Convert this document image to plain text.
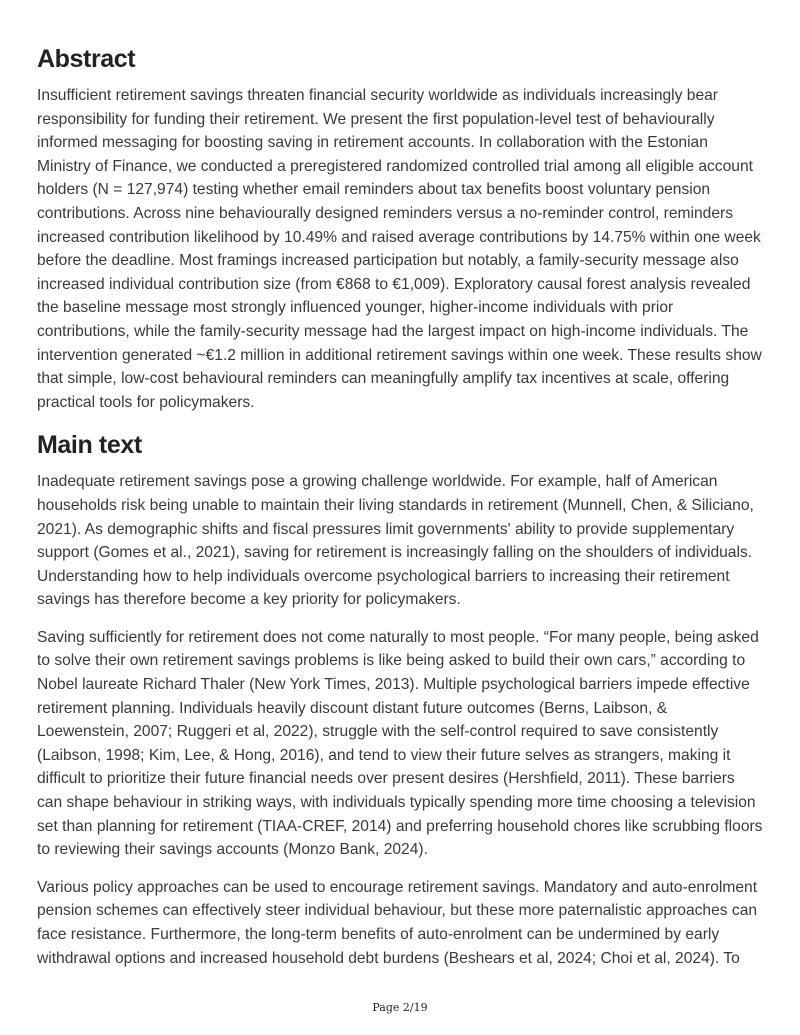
Abstract

Insufficient retirement savings threaten financial security worldwide as individuals increasingly bear responsibility for funding their retirement. We present the first population-level test of behaviourally informed messaging for boosting saving in retirement accounts. In collaboration with the Estonian Ministry of Finance, we conducted a preregistered randomized controlled trial among all eligible account holders (N = 127,974) testing whether email reminders about tax benefits boost voluntary pension contributions. Across nine behaviourally designed reminders versus a no-reminder control, reminders increased contribution likelihood by 10.49% and raised average contributions by 14.75% within one week before the deadline. Most framings increased participation but notably, a family-security message also increased individual contribution size (from €868 to €1,009). Exploratory causal forest analysis revealed the baseline message most strongly influenced younger, higher-income individuals with prior contributions, while the family-security message had the largest impact on high-income individuals. The intervention generated ~€1.2 million in additional retirement savings within one week. These results show that simple, low-cost behavioural reminders can meaningfully amplify tax incentives at scale, offering practical tools for policymakers.

Main text

Inadequate retirement savings pose a growing challenge worldwide. For example, half of American households risk being unable to maintain their living standards in retirement (Munnell, Chen, & Siliciano, 2021). As demographic shifts and fiscal pressures limit governments' ability to provide supplementary support (Gomes et al., 2021), saving for retirement is increasingly falling on the shoulders of individuals. Understanding how to help individuals overcome psychological barriers to increasing their retirement savings has therefore become a key priority for policymakers.

Saving sufficiently for retirement does not come naturally to most people. “For many people, being asked to solve their own retirement savings problems is like being asked to build their own cars,” according to Nobel laureate Richard Thaler (New York Times, 2013). Multiple psychological barriers impede effective retirement planning. Individuals heavily discount distant future outcomes (Berns, Laibson, & Loewenstein, 2007; Ruggeri et al, 2022), struggle with the self-control required to save consistently (Laibson, 1998; Kim, Lee, & Hong, 2016), and tend to view their future selves as strangers, making it difficult to prioritize their future financial needs over present desires (Hershfield, 2011). These barriers can shape behaviour in striking ways, with individuals typically spending more time choosing a television set than planning for retirement (TIAA-CREF, 2014) and preferring household chores like scrubbing floors to reviewing their savings accounts (Monzo Bank, 2024).

Various policy approaches can be used to encourage retirement savings. Mandatory and auto-enrolment pension schemes can effectively steer individual behaviour, but these more paternalistic approaches can face resistance. Furthermore, the long-term benefits of auto-enrolment can be undermined by early withdrawal options and increased household debt burdens (Beshears et al, 2024; Choi et al, 2024). To

Page 2/19
